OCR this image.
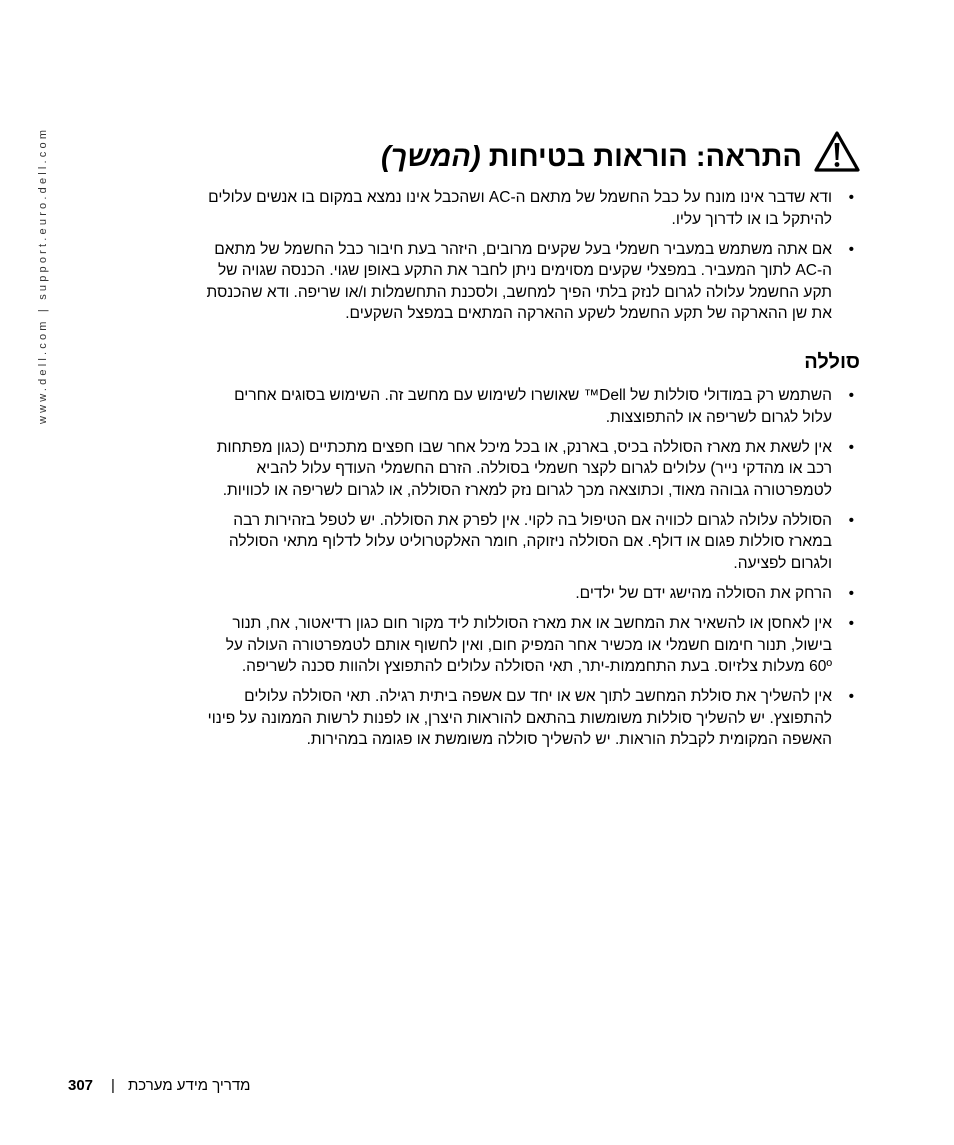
www.dell.com | support.euro.dell.com	התראה: הוראות בטיחות (המשך)
•
ודא שדבר אינו מונח על כבל החשמל של מתאם ה-AC ושהכבל אינו נמצא במקום בו אנשים עלולים
להיתקל בו או לדרוך עליו.
•
אם אתה משתמש במעביר חשמלי בעל שקעים מרובים, היזהר בעת חיבור כבל החשמל של מתאם
ה-AC לתוך המעביר. במפצלי שקעים מסוימים ניתן לחבר את התקע באופן שגוי. הכנסה שגויה של
תקע החשמל עלולה לגרום לנזק בלתי הפיך למחשב, ולסכנת התחשמלות ו/או שריפה. ודא שהכנסת
את שן ההארקה של תקע החשמל לשקע ההארקה המתאים במפצל השקעים.
סוללה
•
השתמש רק במודולי סוללות של Dell™ שאושרו לשימוש עם מחשב זה. השימוש בסוגים אחרים
עלול לגרום לשריפה או להתפוצצות.
•
אין לשאת את מארז הסוללה בכיס, בארנק, או בכל מיכל אחר שבו חפצים מתכתיים (כגון מפתחות
רכב או מהדקי נייר) עלולים לגרום לקצר חשמלי בסוללה. הזרם החשמלי העודף עלול להביא
לטמפרטורה גבוהה מאוד, וכתוצאה מכך לגרום נזק למארז הסוללה, או לגרום לשריפה או לכוויות.
•
הסוללה עלולה לגרום לכוויה אם הטיפול בה לקוי. אין לפרק את הסוללה. יש לטפל בזהירות רבה
במארז סוללות פגום או דולף. אם הסוללה ניזוקה, חומר האלקטרוליט עלול לדלוף מתאי הסוללה
ולגרום לפציעה.
•
הרחק את הסוללה מהישג ידם של ילדים.
•
אין לאחסן או להשאיר את המחשב או את מארז הסוללות ליד מקור חום כגון רדיאטור, אח, תנור
בישול, תנור חימום חשמלי או מכשיר אחר המפיק חום, ואין לחשוף אותם לטמפרטורה העולה על
60º מעלות צלזיוס. בעת התחממות-יתר, תאי הסוללה עלולים להתפוצץ ולהוות סכנה לשריפה.
•
אין להשליך את סוללת המחשב לתוך אש או יחד עם אשפה ביתית רגילה. תאי הסוללה עלולים
להתפוצץ. יש להשליך סוללות משומשות בהתאם להוראות היצרן, או לפנות לרשות הממונה על פינוי
האשפה המקומית לקבלת הוראות. יש להשליך סוללה משומשת או פגומה במהירות.
307 | מדריך מידע מערכת
